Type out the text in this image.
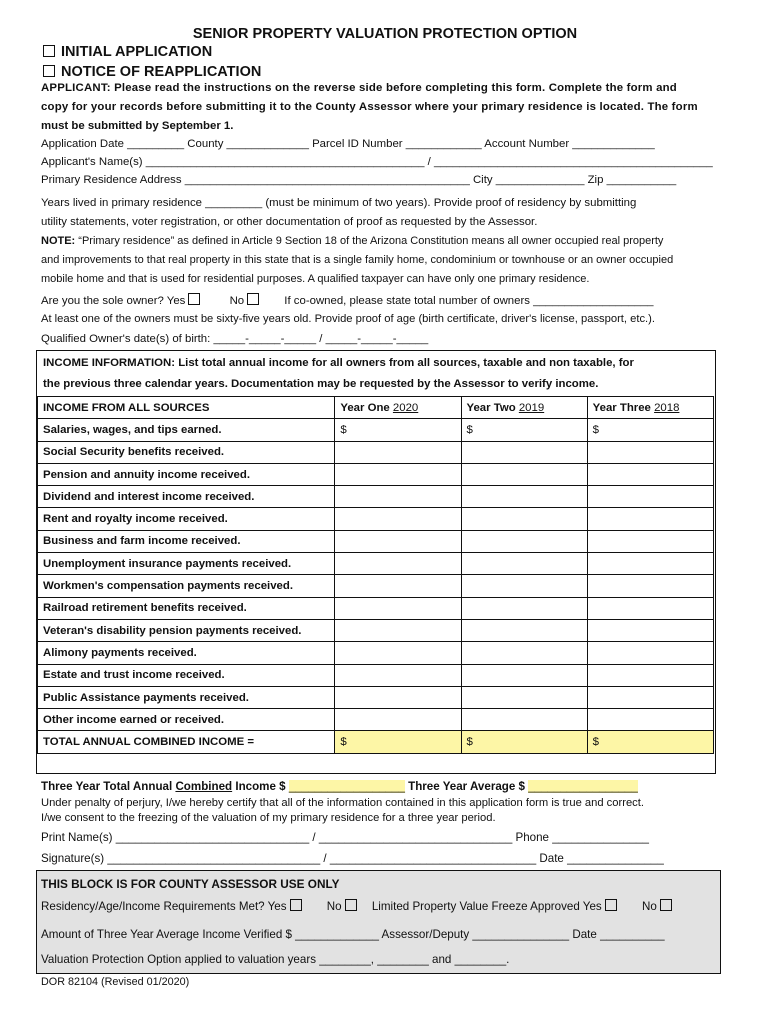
SENIOR PROPERTY VALUATION PROTECTION OPTION
INITIAL APPLICATION
NOTICE OF REAPPLICATION
APPLICANT: Please read the instructions on the reverse side before completing this form. Complete the form and
copy for your records before submitting it to the County Assessor where your primary residence is located. The form
must be submitted by September 1.
Application Date _________ County _____________ Parcel ID Number ____________ Account Number _____________
Applicant's Name(s) ____________________________________________ / ____________________________________________
Primary Residence Address _____________________________________________ City ______________ Zip ___________
Years lived in primary residence _________ (must be minimum of two years). Provide proof of residency by submitting
utility statements, voter registration, or other documentation of proof as requested by the Assessor.
NOTE: “Primary residence” as defined in Article 9 Section 18 of the Arizona Constitution means all owner occupied real property
and improvements to that real property in this state that is a single family home, condominium or townhouse or an owner occupied
mobile home and that is used for residential purposes. A qualified taxpayer can have only one primary residence.
Are you the sole owner? Yes	No	If co-owned, please state total number of owners ___________________
At least one of the owners must be sixty-five years old. Provide proof of age (birth certificate, driver's license, passport, etc.).
Qualified Owner's date(s) of birth: _____-_____-_____ / _____-_____-_____
INCOME INFORMATION: List total annual income for all owners from all sources, taxable and non taxable, for
the previous three calendar years. Documentation may be requested by the Assessor to verify income.
INCOME FROM ALL SOURCES	Year One 2020	Year Two 2019	Year Three 2018
Salaries, wages, and tips earned.	$	$	$
Social Security benefits received.			
Pension and annuity income received.			
Dividend and interest income received.			
Rent and royalty income received.			
Business and farm income received.			
Unemployment insurance payments received.			
Workmen's compensation payments received.			
Railroad retirement benefits received.			
Veteran's disability pension payments received.			
Alimony payments received.			
Estate and trust income received.			
Public Assistance payments received.			
Other income earned or received.			
TOTAL ANNUAL COMBINED INCOME =	$	$	$
Three Year Total Annual Combined Income $ __________________ Three Year Average $ _________________
Under penalty of perjury, I/we hereby certify that all of the information contained in this application form is true and correct.
I/we consent to the freezing of the valuation of my primary residence for a three year period.
Print Name(s) ______________________________ / ______________________________ Phone _______________
Signature(s) _________________________________ / ________________________________ Date _______________
THIS BLOCK IS FOR COUNTY ASSESSOR USE ONLY
Residency/Age/Income Requirements Met? Yes	No	Limited Property Value Freeze Approved Yes	No
Amount of Three Year Average Income Verified $ _____________ Assessor/Deputy _______________ Date __________
Valuation Protection Option applied to valuation years ________, ________ and ________.
DOR 82104 (Revised 01/2020)
